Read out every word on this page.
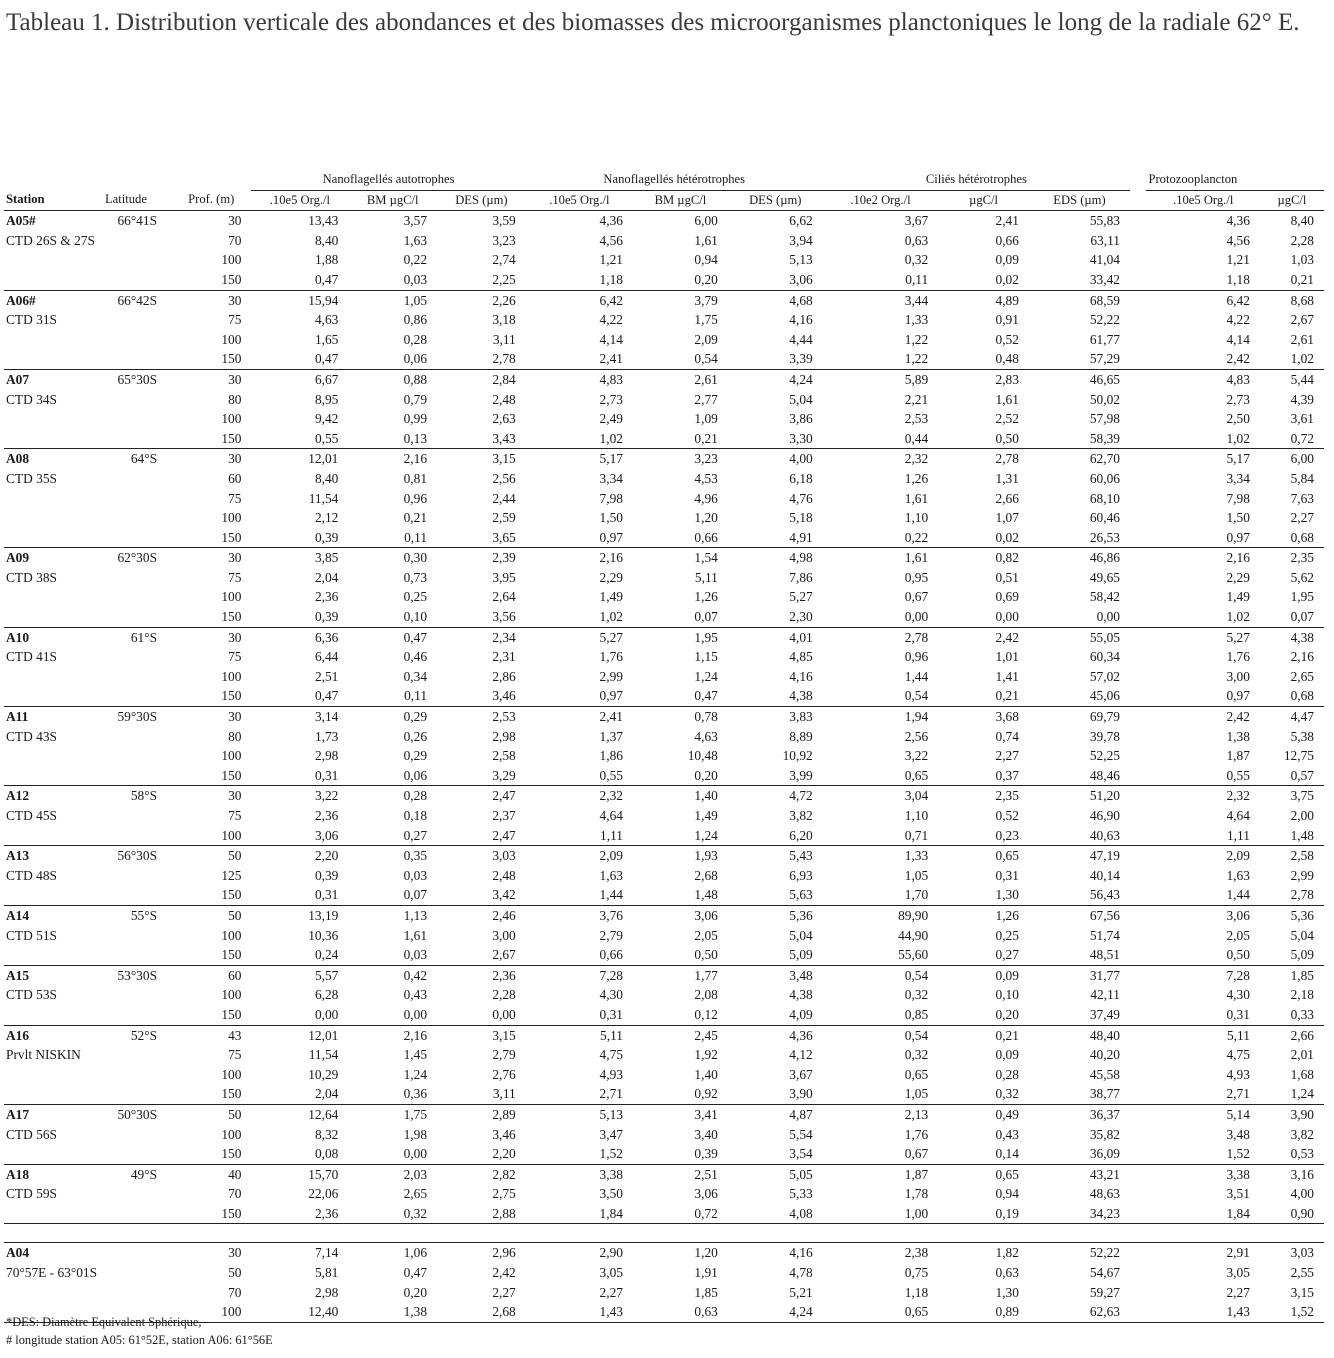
Tableau 1. Distribution verticale des abondances et des biomasses des microorganismes planctoniques le long de la radiale 62° E.
			Nanoflagellés autotrophes			Nanoflagellés hétérotrophes			Ciliés hétérotrophes				Protozooplancton	
Station	Latitude	Prof. (m)	.10e5 Org./l	BM µgC/l	DES (µm)	.10e5 Org./l	BM µgC/l	DES (µm)	.10e2 Org./l	µgC/l	EDS (µm)		.10e5 Org./l	µgC/l
A05#	66°41S	30	13,43	3,57	3,59	4,36	6,00	6,62	3,67	2,41	55,83		4,36	8,40
CTD 26S & 27S		70	8,40	1,63	3,23	4,56	1,61	3,94	0,63	0,66	63,11		4,56	2,28
		100	1,88	0,22	2,74	1,21	0,94	5,13	0,32	0,09	41,04		1,21	1,03
		150	0,47	0,03	2,25	1,18	0,20	3,06	0,11	0,02	33,42		1,18	0,21
A06#	66°42S	30	15,94	1,05	2,26	6,42	3,79	4,68	3,44	4,89	68,59		6,42	8,68
CTD 31S		75	4,63	0,86	3,18	4,22	1,75	4,16	1,33	0,91	52,22		4,22	2,67
		100	1,65	0,28	3,11	4,14	2,09	4,44	1,22	0,52	61,77		4,14	2,61
		150	0,47	0,06	2,78	2,41	0,54	3,39	1,22	0,48	57,29		2,42	1,02
A07	65°30S	30	6,67	0,88	2,84	4,83	2,61	4,24	5,89	2,83	46,65		4,83	5,44
CTD 34S		80	8,95	0,79	2,48	2,73	2,77	5,04	2,21	1,61	50,02		2,73	4,39
		100	9,42	0,99	2,63	2,49	1,09	3,86	2,53	2,52	57,98		2,50	3,61
		150	0,55	0,13	3,43	1,02	0,21	3,30	0,44	0,50	58,39		1,02	0,72
A08	64°S	30	12,01	2,16	3,15	5,17	3,23	4,00	2,32	2,78	62,70		5,17	6,00
CTD 35S		60	8,40	0,81	2,56	3,34	4,53	6,18	1,26	1,31	60,06		3,34	5,84
		75	11,54	0,96	2,44	7,98	4,96	4,76	1,61	2,66	68,10		7,98	7,63
		100	2,12	0,21	2,59	1,50	1,20	5,18	1,10	1,07	60,46		1,50	2,27
		150	0,39	0,11	3,65	0,97	0,66	4,91	0,22	0,02	26,53		0,97	0,68
A09	62°30S	30	3,85	0,30	2,39	2,16	1,54	4,98	1,61	0,82	46,86		2,16	2,35
CTD 38S		75	2,04	0,73	3,95	2,29	5,11	7,86	0,95	0,51	49,65		2,29	5,62
		100	2,36	0,25	2,64	1,49	1,26	5,27	0,67	0,69	58,42		1,49	1,95
		150	0,39	0,10	3,56	1,02	0,07	2,30	0,00	0,00	0,00		1,02	0,07
A10	61°S	30	6,36	0,47	2,34	5,27	1,95	4,01	2,78	2,42	55,05		5,27	4,38
CTD 41S		75	6,44	0,46	2,31	1,76	1,15	4,85	0,96	1,01	60,34		1,76	2,16
		100	2,51	0,34	2,86	2,99	1,24	4,16	1,44	1,41	57,02		3,00	2,65
		150	0,47	0,11	3,46	0,97	0,47	4,38	0,54	0,21	45,06		0,97	0,68
A11	59°30S	30	3,14	0,29	2,53	2,41	0,78	3,83	1,94	3,68	69,79		2,42	4,47
CTD 43S		80	1,73	0,26	2,98	1,37	4,63	8,89	2,56	0,74	39,78		1,38	5,38
		100	2,98	0,29	2,58	1,86	10,48	10,92	3,22	2,27	52,25		1,87	12,75
		150	0,31	0,06	3,29	0,55	0,20	3,99	0,65	0,37	48,46		0,55	0,57
A12	58°S	30	3,22	0,28	2,47	2,32	1,40	4,72	3,04	2,35	51,20		2,32	3,75
CTD 45S		75	2,36	0,18	2,37	4,64	1,49	3,82	1,10	0,52	46,90		4,64	2,00
		100	3,06	0,27	2,47	1,11	1,24	6,20	0,71	0,23	40,63		1,11	1,48
A13	56°30S	50	2,20	0,35	3,03	2,09	1,93	5,43	1,33	0,65	47,19		2,09	2,58
CTD 48S		125	0,39	0,03	2,48	1,63	2,68	6,93	1,05	0,31	40,14		1,63	2,99
		150	0,31	0,07	3,42	1,44	1,48	5,63	1,70	1,30	56,43		1,44	2,78
A14	55°S	50	13,19	1,13	2,46	3,76	3,06	5,36	89,90	1,26	67,56		3,06	5,36
CTD 51S		100	10,36	1,61	3,00	2,79	2,05	5,04	44,90	0,25	51,74		2,05	5,04
		150	0,24	0,03	2,67	0,66	0,50	5,09	55,60	0,27	48,51		0,50	5,09
A15	53°30S	60	5,57	0,42	2,36	7,28	1,77	3,48	0,54	0,09	31,77		7,28	1,85
CTD 53S		100	6,28	0,43	2,28	4,30	2,08	4,38	0,32	0,10	42,11		4,30	2,18
		150	0,00	0,00	0,00	0,31	0,12	4,09	0,85	0,20	37,49		0,31	0,33
A16	52°S	43	12,01	2,16	3,15	5,11	2,45	4,36	0,54	0,21	48,40		5,11	2,66
Prvlt NISKIN		75	11,54	1,45	2,79	4,75	1,92	4,12	0,32	0,09	40,20		4,75	2,01
		100	10,29	1,24	2,76	4,93	1,40	3,67	0,65	0,28	45,58		4,93	1,68
		150	2,04	0,36	3,11	2,71	0,92	3,90	1,05	0,32	38,77		2,71	1,24
A17	50°30S	50	12,64	1,75	2,89	5,13	3,41	4,87	2,13	0,49	36,37		5,14	3,90
CTD 56S		100	8,32	1,98	3,46	3,47	3,40	5,54	1,76	0,43	35,82		3,48	3,82
		150	0,08	0,00	2,20	1,52	0,39	3,54	0,67	0,14	36,09		1,52	0,53
A18	49°S	40	15,70	2,03	2,82	3,38	2,51	5,05	1,87	0,65	43,21		3,38	3,16
CTD 59S		70	22,06	2,65	2,75	3,50	3,06	5,33	1,78	0,94	48,63		3,51	4,00
		150	2,36	0,32	2,88	1,84	0,72	4,08	1,00	0,19	34,23		1,84	0,90

A04		30	7,14	1,06	2,96	2,90	1,20	4,16	2,38	1,82	52,22		2,91	3,03
70°57E - 63°01S		50	5,81	0,47	2,42	3,05	1,91	4,78	0,75	0,63	54,67		3,05	2,55
		70	2,98	0,20	2,27	2,27	1,85	5,21	1,18	1,30	59,27		2,27	3,15
		100	12,40	1,38	2,68	1,43	0,63	4,24	0,65	0,89	62,63		1,43	1,52
*DES: Diamètre Equivalent Sphérique,
# longitude station A05: 61°52E, station A06: 61°56E
